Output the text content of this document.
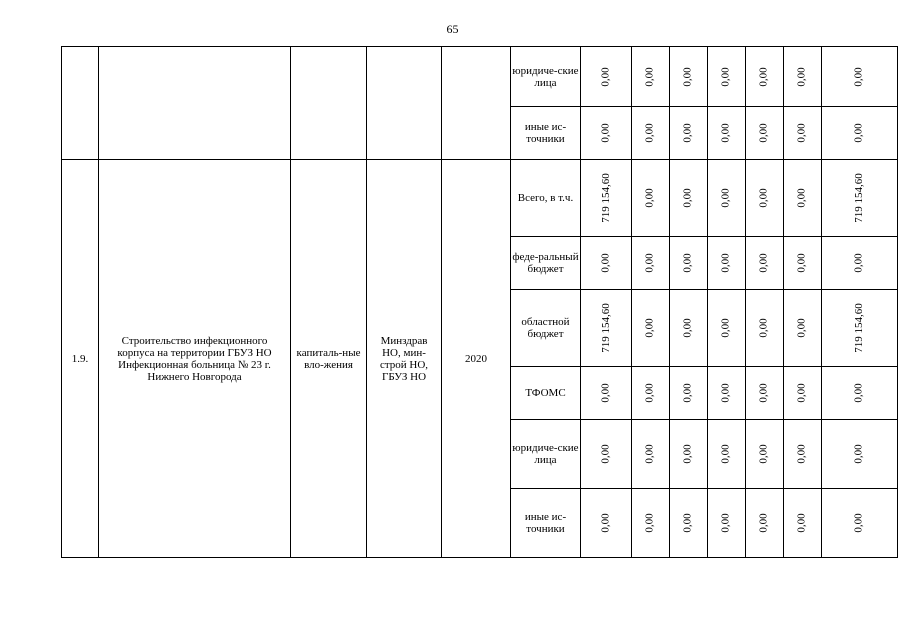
65
					юридиче-ские лица	0,00	0,00	0,00	0,00	0,00	0,00	0,00
					иные ис-точники	0,00	0,00	0,00	0,00	0,00	0,00	0,00

1.9.	Строительство инфекционного корпуса на территории ГБУЗ НО Инфекционная больница № 23 г. Нижнего Новгорода	капиталь-ные вло-жения	Минздрав НО, мин-строй НО, ГБУЗ НО	2020	Всего, в т.ч.	719 154,60	0,00	0,00	0,00	0,00	0,00	719 154,60
					феде-ральный бюджет	0,00	0,00	0,00	0,00	0,00	0,00	0,00
					областной бюджет	719 154,60	0,00	0,00	0,00	0,00	0,00	719 154,60
					ТФОМС	0,00	0,00	0,00	0,00	0,00	0,00	0,00
					юридиче-ские лица	0,00	0,00	0,00	0,00	0,00	0,00	0,00
					иные ис-точники	0,00	0,00	0,00	0,00	0,00	0,00	0,00
